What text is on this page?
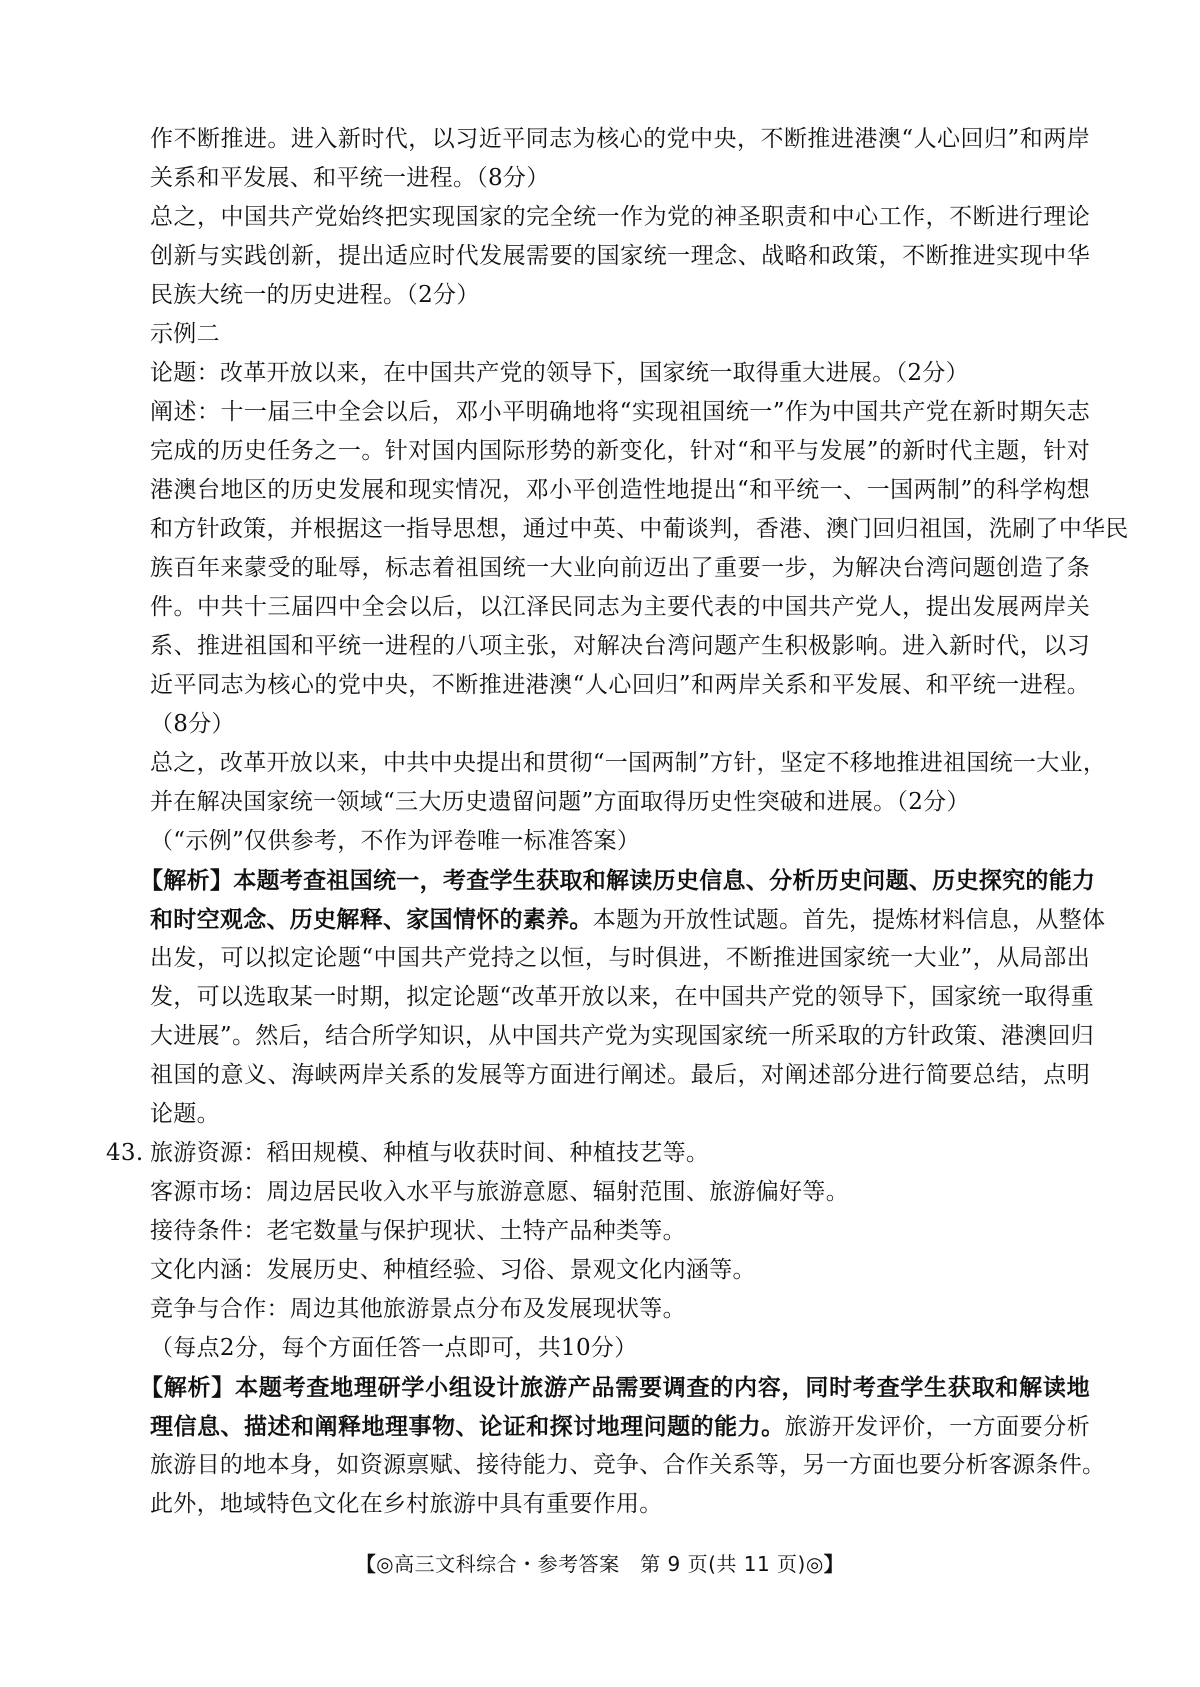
作不断推进。进入新时代，以习近平同志为核心的党中央，不断推进港澳“人心回归”和两岸
关系和平发展、和平统一进程。（8分）
总之，中国共产党始终把实现国家的完全统一作为党的神圣职责和中心工作，不断进行理论
创新与实践创新，提出适应时代发展需要的国家统一理念、战略和政策，不断推进实现中华
民族大统一的历史进程。（2分）
示例二
论题：改革开放以来，在中国共产党的领导下，国家统一取得重大进展。（2分）
阐述：十一届三中全会以后，邓小平明确地将“实现祖国统一”作为中国共产党在新时期矢志
完成的历史任务之一。针对国内国际形势的新变化，针对“和平与发展”的新时代主题，针对
港澳台地区的历史发展和现实情况，邓小平创造性地提出“和平统一、一国两制”的科学构想
和方针政策，并根据这一指导思想，通过中英、中葡谈判，香港、澳门回归祖国，洗刷了中华民
族百年来蒙受的耻辱，标志着祖国统一大业向前迈出了重要一步，为解决台湾问题创造了条
件。中共十三届四中全会以后，以江泽民同志为主要代表的中国共产党人，提出发展两岸关
系、推进祖国和平统一进程的八项主张，对解决台湾问题产生积极影响。进入新时代，以习
近平同志为核心的党中央，不断推进港澳“人心回归”和两岸关系和平发展、和平统一进程。
（8分）
总之，改革开放以来，中共中央提出和贯彻“一国两制”方针，坚定不移地推进祖国统一大业，
并在解决国家统一领域“三大历史遗留问题”方面取得历史性突破和进展。（2分）
（“示例”仅供参考，不作为评卷唯一标准答案）
【解析】本题考查祖国统一，考查学生获取和解读历史信息、分析历史问题、历史探究的能力
和时空观念、历史解释、家国情怀的素养。本题为开放性试题。首先，提炼材料信息，从整体
出发，可以拟定论题“中国共产党持之以恒，与时俱进，不断推进国家统一大业”，从局部出
发，可以选取某一时期，拟定论题“改革开放以来，在中国共产党的领导下，国家统一取得重
大进展”。然后，结合所学知识，从中国共产党为实现国家统一所采取的方针政策、港澳回归
祖国的意义、海峡两岸关系的发展等方面进行阐述。最后，对阐述部分进行简要总结，点明
论题。
43. 旅游资源：稻田规模、种植与收获时间、种植技艺等。
客源市场：周边居民收入水平与旅游意愿、辐射范围、旅游偏好等。
接待条件：老宅数量与保护现状、土特产品种类等。
文化内涵：发展历史、种植经验、习俗、景观文化内涵等。
竞争与合作：周边其他旅游景点分布及发展现状等。
（每点2分，每个方面任答一点即可，共10分）
【解析】本题考查地理研学小组设计旅游产品需要调查的内容，同时考查学生获取和解读地
理信息、描述和阐释地理事物、论证和探讨地理问题的能力。旅游开发评价，一方面要分析
旅游目的地本身，如资源禀赋、接待能力、竞争、合作关系等，另一方面也要分析客源条件。
此外，地域特色文化在乡村旅游中具有重要作用。
【◎高三文科综合・参考答案　第 9 页(共 11 页)◎】
